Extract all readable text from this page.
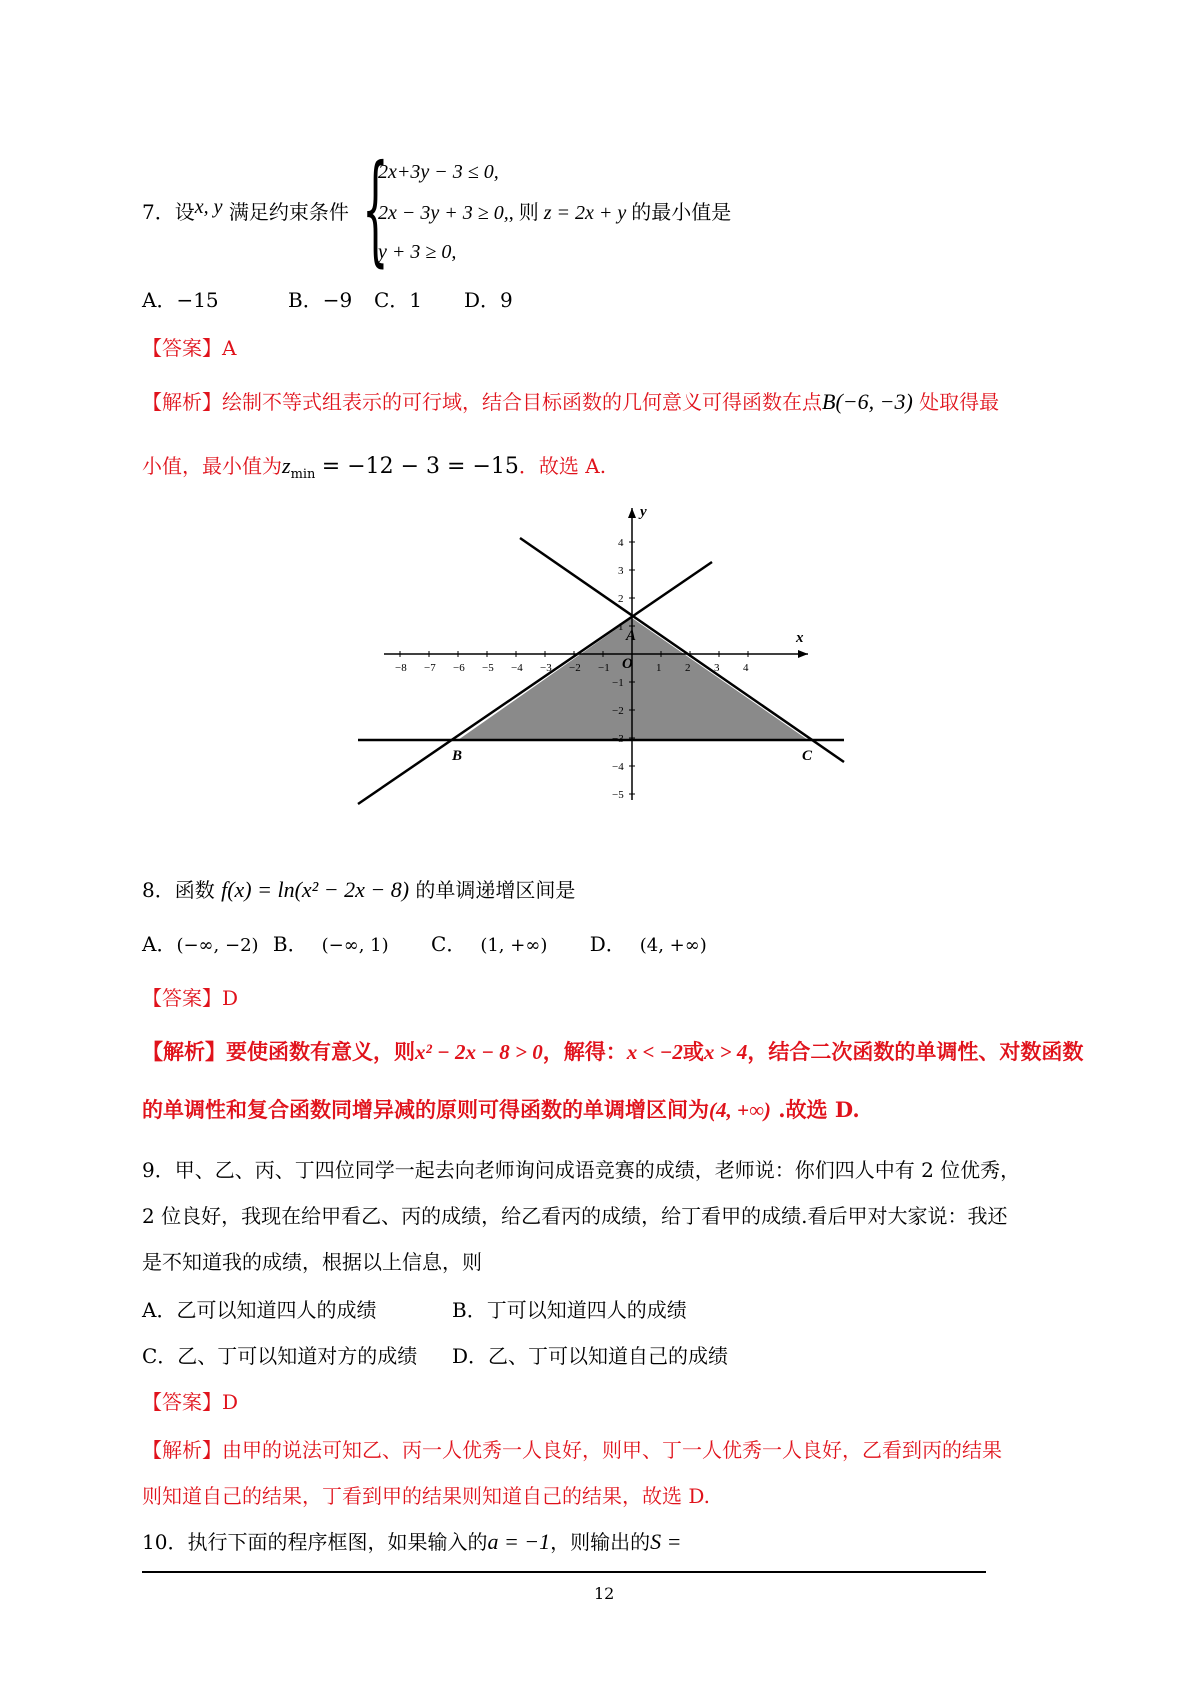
7．设x, y 满足约束条件 {
2x+3y − 3 ≤ 0,
2x − 3y + 3 ≥ 0,, 则 z = 2x + y 的最小值是
y + 3 ≥ 0,
A．−15	B．−9 C．1 D．9
【答案】A
【解析】绘制不等式组表示的可行域，结合目标函数的几何意义可得函数在点B(−6, −3) 处取得最
小值，最小值为$z_{min} = -12 - 3 = -15$．故选 A.
−8 −7 −6 −5 −4 −3 −2 −1	1 2 3 4
4
3
2
1
−1
−2
−3
−4
−5
x
y
O
A
B	C
8．函数 f(x) = ln(x² − 2x − 8) 的单调递增区间是
A．(−∞, −2) B． (−∞, 1) C． (1, +∞) D． (4, +∞)
【答案】D
【解析】要使函数有意义，则x² − 2x − 8 > 0，解得：x < −2或x > 4，结合二次函数的单调性、对数函数
的单调性和复合函数同增异减的原则可得函数的单调增区间为(4, +∞) .故选 D.
9．甲、乙、丙、丁四位同学一起去向老师询问成语竞赛的成绩，老师说：你们四人中有 2 位优秀，
2 位良好，我现在给甲看乙、丙的成绩，给乙看丙的成绩，给丁看甲的成绩.看后甲对大家说：我还
是不知道我的成绩，根据以上信息，则
A．乙可以知道四人的成绩	B．丁可以知道四人的成绩
C．乙、丁可以知道对方的成绩 D．乙、丁可以知道自己的成绩
【答案】D
【解析】由甲的说法可知乙、丙一人优秀一人良好，则甲、丁一人优秀一人良好，乙看到丙的结果
则知道自己的结果，丁看到甲的结果则知道自己的结果，故选 D.
10．执行下面的程序框图，如果输入的a = −1，则输出的S =
12
